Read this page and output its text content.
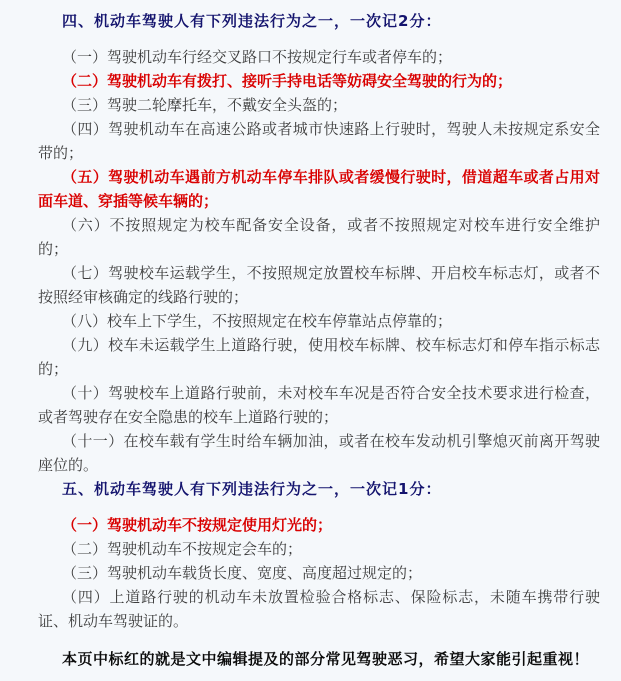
四、机动车驾驶人有下列违法行为之一，一次记2分：

（一）驾驶机动车行经交叉路口不按规定行车或者停车的；

（二）驾驶机动车有拨打、接听手持电话等妨碍安全驾驶的行为的；

（三）驾驶二轮摩托车，不戴安全头盔的；

（四）驾驶机动车在高速公路或者城市快速路上行驶时，驾驶人未按规定系安全带的；

（五）驾驶机动车遇前方机动车停车排队或者缓慢行驶时，借道超车或者占用对面车道、穿插等候车辆的；

（六）不按照规定为校车配备安全设备，或者不按照规定对校车进行安全维护的；

（七）驾驶校车运载学生，不按照规定放置校车标牌、开启校车标志灯，或者不按照经审核确定的线路行驶的；

（八）校车上下学生，不按照规定在校车停靠站点停靠的；

（九）校车未运载学生上道路行驶，使用校车标牌、校车标志灯和停车指示标志的；

（十）驾驶校车上道路行驶前，未对校车车况是否符合安全技术要求进行检查，或者驾驶存在安全隐患的校车上道路行驶的；

（十一）在校车载有学生时给车辆加油，或者在校车发动机引擎熄灭前离开驾驶座位的。

五、机动车驾驶人有下列违法行为之一，一次记1分：

（一）驾驶机动车不按规定使用灯光的；

（二）驾驶机动车不按规定会车的；

（三）驾驶机动车载货长度、宽度、高度超过规定的；

（四）上道路行驶的机动车未放置检验合格标志、保险标志，未随车携带行驶证、机动车驾驶证的。

本页中标红的就是文中编辑提及的部分常见驾驶恶习，希望大家能引起重视！
